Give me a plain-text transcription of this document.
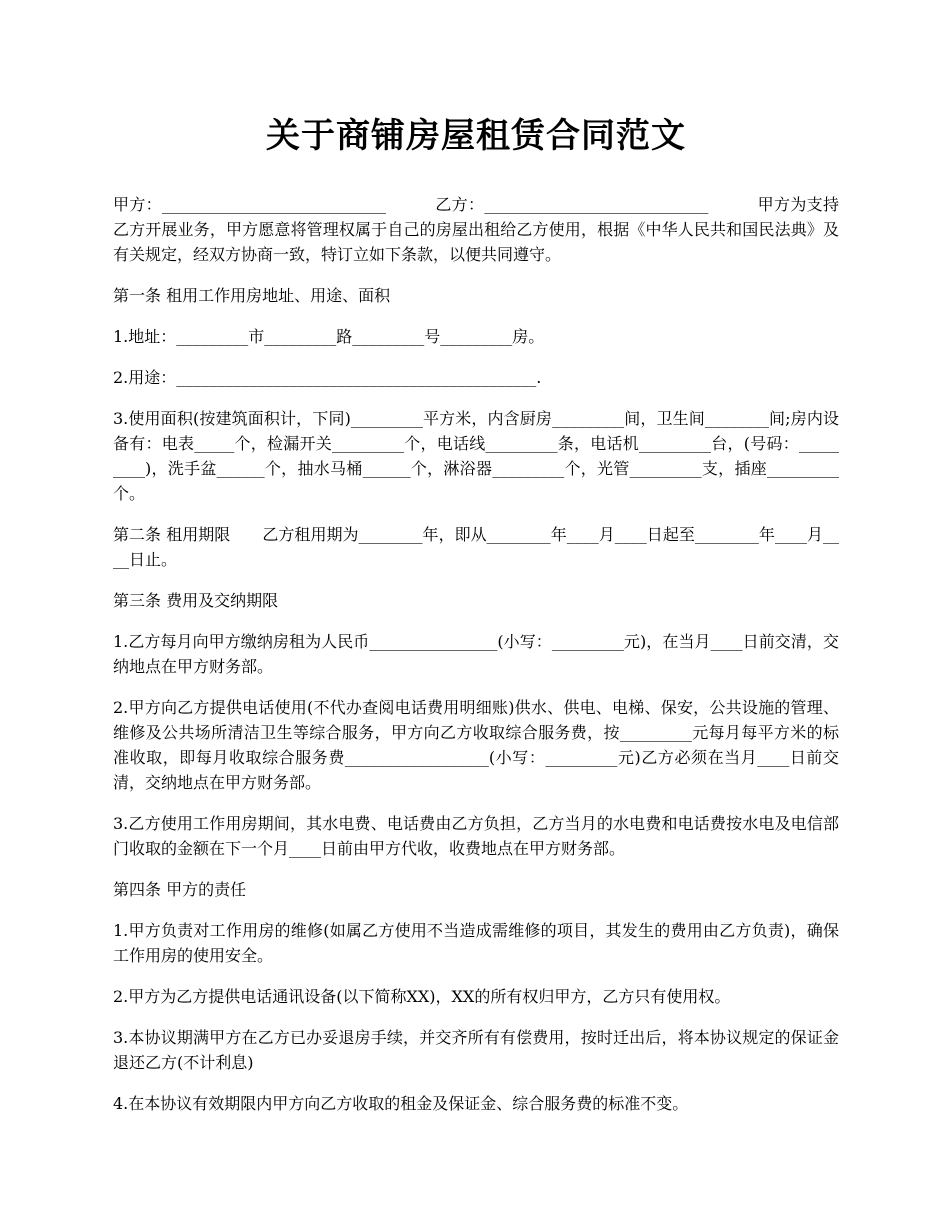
关于商铺房屋租赁合同范文

甲方：____________________________　　　乙方：____________________________　　　甲方为支持乙方开展业务，甲方愿意将管理权属于自己的房屋出租给乙方使用，根据《中华人民共和国民法典》及有关规定，经双方协商一致，特订立如下条款，以便共同遵守。

第一条 租用工作用房地址、用途、面积

1.地址：_________市_________路_________号_________房。

2.用途：_____________________________________________.

3.使用面积(按建筑面积计，下同)_________平方米，内含厨房_________间，卫生间________间;房内设备有：电表_____个，检漏开关_________个，电话线_________条，电话机_________台，(号码：_________)，洗手盆______个，抽水马桶______个，淋浴器_________个，光管_________支，插座_________个。

第二条 租用期限　　乙方租用期为________年，即从________年____月____日起至________年____月____日止。

第三条 费用及交纳期限

1.乙方每月向甲方缴纳房租为人民币________________(小写：_________元)，在当月____日前交清，交纳地点在甲方财务部。

2.甲方向乙方提供电话使用(不代办查阅电话费用明细账)供水、供电、电梯、保安，公共设施的管理、维修及公共场所清洁卫生等综合服务，甲方向乙方收取综合服务费，按_________元每月每平方米的标准收取，即每月收取综合服务费__________________(小写：_________元)乙方必须在当月____日前交清，交纳地点在甲方财务部。

3.乙方使用工作用房期间，其水电费、电话费由乙方负担，乙方当月的水电费和电话费按水电及电信部门收取的金额在下一个月____日前由甲方代收，收费地点在甲方财务部。

第四条 甲方的责任

1.甲方负责对工作用房的维修(如属乙方使用不当造成需维修的项目，其发生的费用由乙方负责)，确保工作用房的使用安全。

2.甲方为乙方提供电话通讯设备(以下简称XX)，XX的所有权归甲方，乙方只有使用权。

3.本协议期满甲方在乙方已办妥退房手续，并交齐所有有偿费用，按时迁出后，将本协议规定的保证金退还乙方(不计利息)

4.在本协议有效期限内甲方向乙方收取的租金及保证金、综合服务费的标准不变。
